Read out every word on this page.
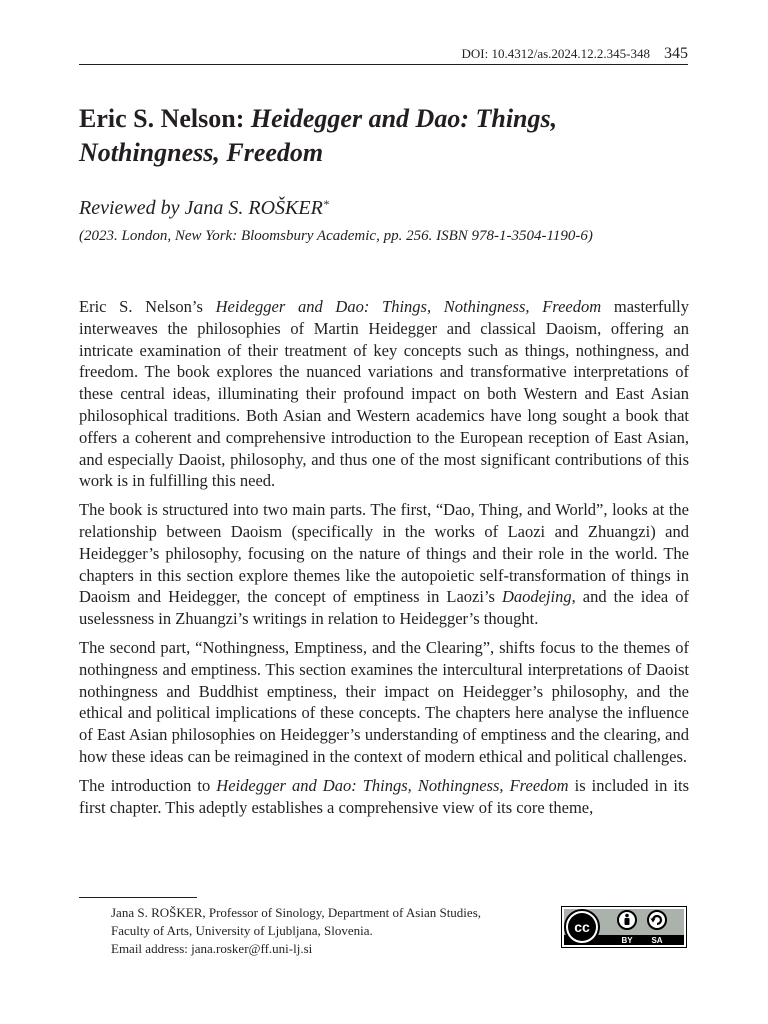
DOI: 10.4312/as.2024.12.2.345-348 345
Eric S. Nelson: Heidegger and Dao: Things,
Nothingness, Freedom

Reviewed by Jana S. ROŠKER*

(2023. London, New York: Bloomsbury Academic, pp. 256. ISBN 978-1-3504-1190-6)

Eric S. Nelson’s Heidegger and Dao: Things, Nothingness, Freedom masterfully interweaves the philosophies of Martin Heidegger and classical Daoism, offering an intricate examination of their treatment of key concepts such as things, nothingness, and freedom. The book explores the nuanced variations and transformative interpretations of these central ideas, illuminating their profound impact on both Western and East Asian philosophical traditions. Both Asian and Western academics have long sought a book that offers a coherent and comprehensive introduction to the European reception of East Asian, and especially Daoist, philosophy, and thus one of the most significant contributions of this work is in fulfilling this need.

The book is structured into two main parts. The first, “Dao, Thing, and World”, looks at the relationship between Daoism (specifically in the works of Laozi and Zhuangzi) and Heidegger’s philosophy, focusing on the nature of things and their role in the world. The chapters in this section explore themes like the autopoietic self-transformation of things in Daoism and Heidegger, the concept of emptiness in Laozi’s Daodejing, and the idea of uselessness in Zhuangzi’s writings in relation to Heidegger’s thought.

The second part, “Nothingness, Emptiness, and the Clearing”, shifts focus to the themes of nothingness and emptiness. This section examines the intercultural interpretations of Daoist nothingness and Buddhist emptiness, their impact on Heidegger’s philosophy, and the ethical and political implications of these concepts. The chapters here analyse the influence of East Asian philosophies on Heidegger’s understanding of emptiness and the clearing, and how these ideas can be reimagined in the context of modern ethical and political challenges.

The introduction to Heidegger and Dao: Things, Nothingness, Freedom is included in its first chapter. This adeptly establishes a comprehensive view of its core theme,

Jana S. ROŠKER, Professor of Sinology, Department of Asian Studies,
Faculty of Arts, University of Ljubljana, Slovenia.
Email address: jana.rosker@ff.uni-lj.si
cc
BY SA
